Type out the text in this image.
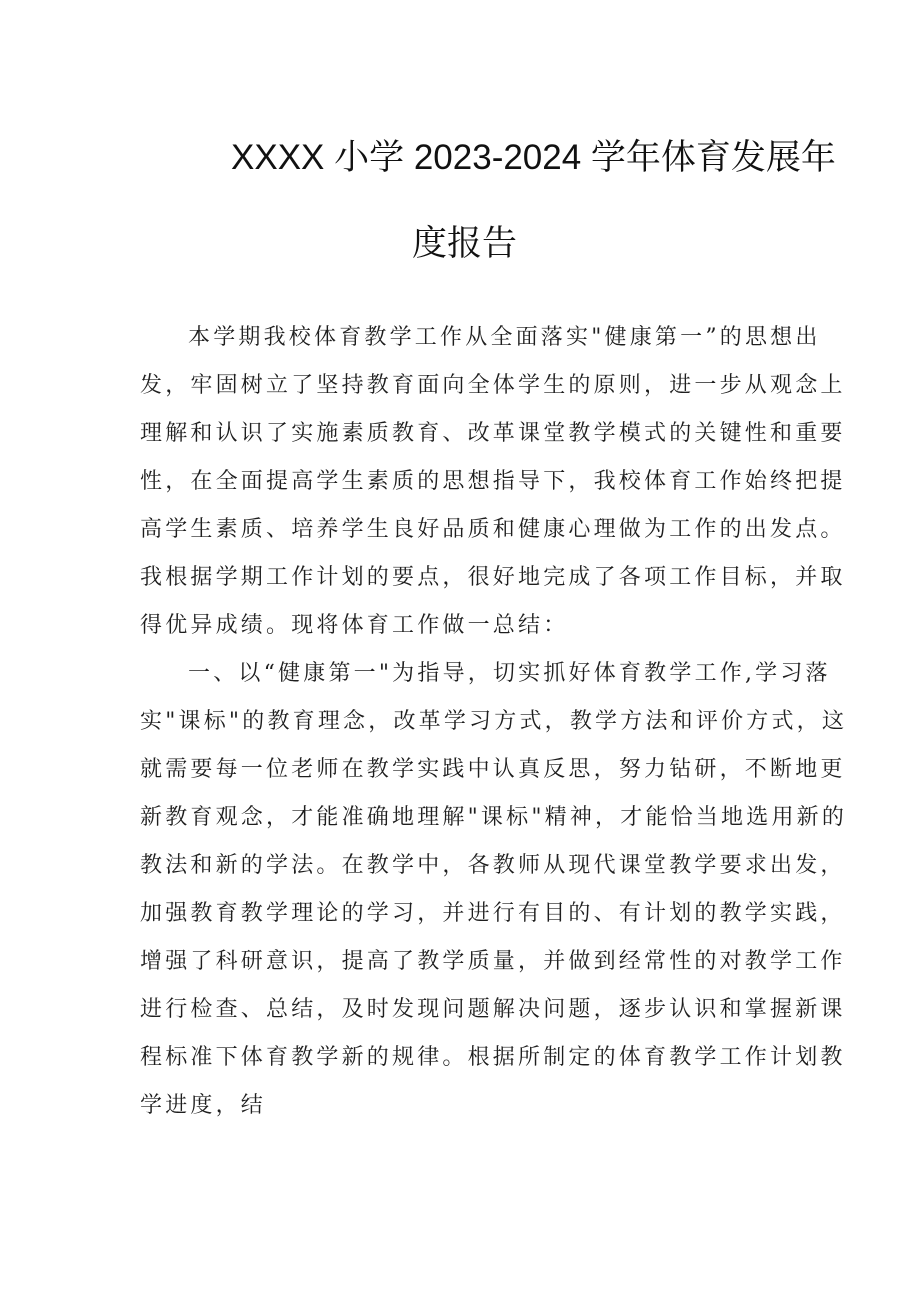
XXXX 小学 2023-2024 学年体育发展年
度报告
本学期我校体育教学工作从全面落实"健康第一”的思想出
发，牢固树立了坚持教育面向全体学生的原则，进一步从观念上
理解和认识了实施素质教育、改革课堂教学模式的关键性和重要
性，在全面提高学生素质的思想指导下，我校体育工作始终把提
高学生素质、培养学生良好品质和健康心理做为工作的出发点。
我根据学期工作计划的要点，很好地完成了各项工作目标，并取
得优异成绩。现将体育工作做一总结：
一、以“健康第一"为指导，切实抓好体育教学工作,学习落
实"课标"的教育理念，改革学习方式，教学方法和评价方式，这
就需要每一位老师在教学实践中认真反思，努力钻研，不断地更
新教育观念，才能准确地理解"课标"精神，才能恰当地选用新的
教法和新的学法。在教学中，各教师从现代课堂教学要求出发，
加强教育教学理论的学习，并进行有目的、有计划的教学实践，
增强了科研意识，提高了教学质量，并做到经常性的对教学工作
进行检查、总结，及时发现问题解决问题，逐步认识和掌握新课
程标准下体育教学新的规律。根据所制定的体育教学工作计划教
学进度，结
